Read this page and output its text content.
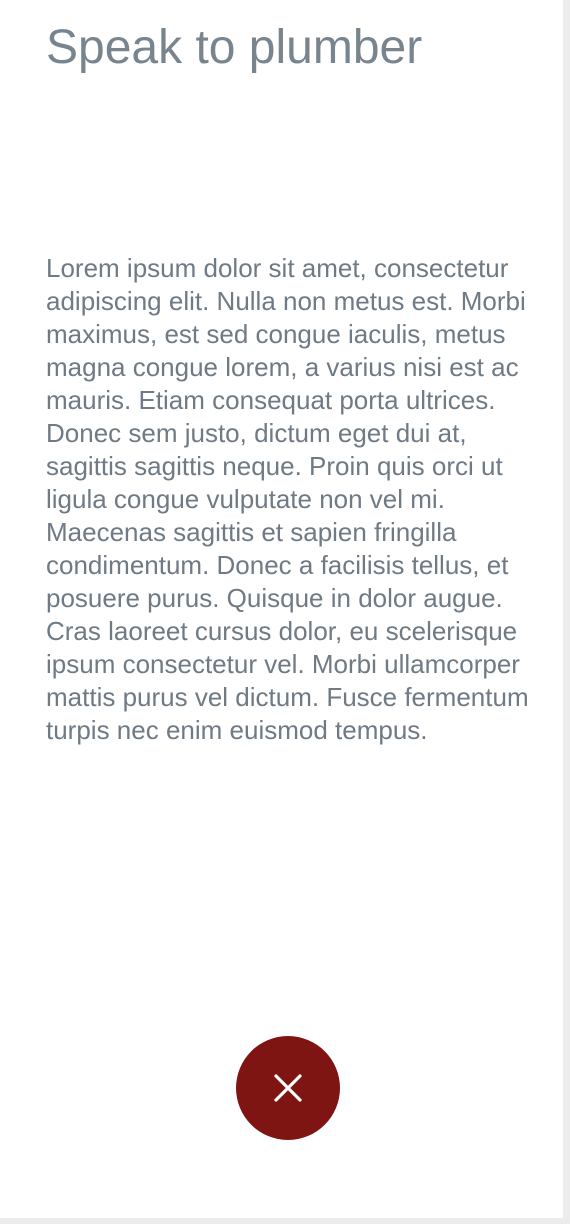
Speak to plumber

Lorem ipsum dolor sit amet, consectetur adipiscing elit. Nulla non metus est. Morbi maximus, est sed congue iaculis, metus magna congue lorem, a varius nisi est ac mauris. Etiam consequat porta ultrices. Donec sem justo, dictum eget dui at, sagittis sagittis neque. Proin quis orci ut ligula congue vulputate non vel mi. Maecenas sagittis et sapien fringilla condimentum. Donec a facilisis tellus, et posuere purus. Quisque in dolor augue. Cras laoreet cursus dolor, eu scelerisque ipsum consectetur vel. Morbi ullamcorper mattis purus vel dictum. Fusce fermentum turpis nec enim euismod tempus.
